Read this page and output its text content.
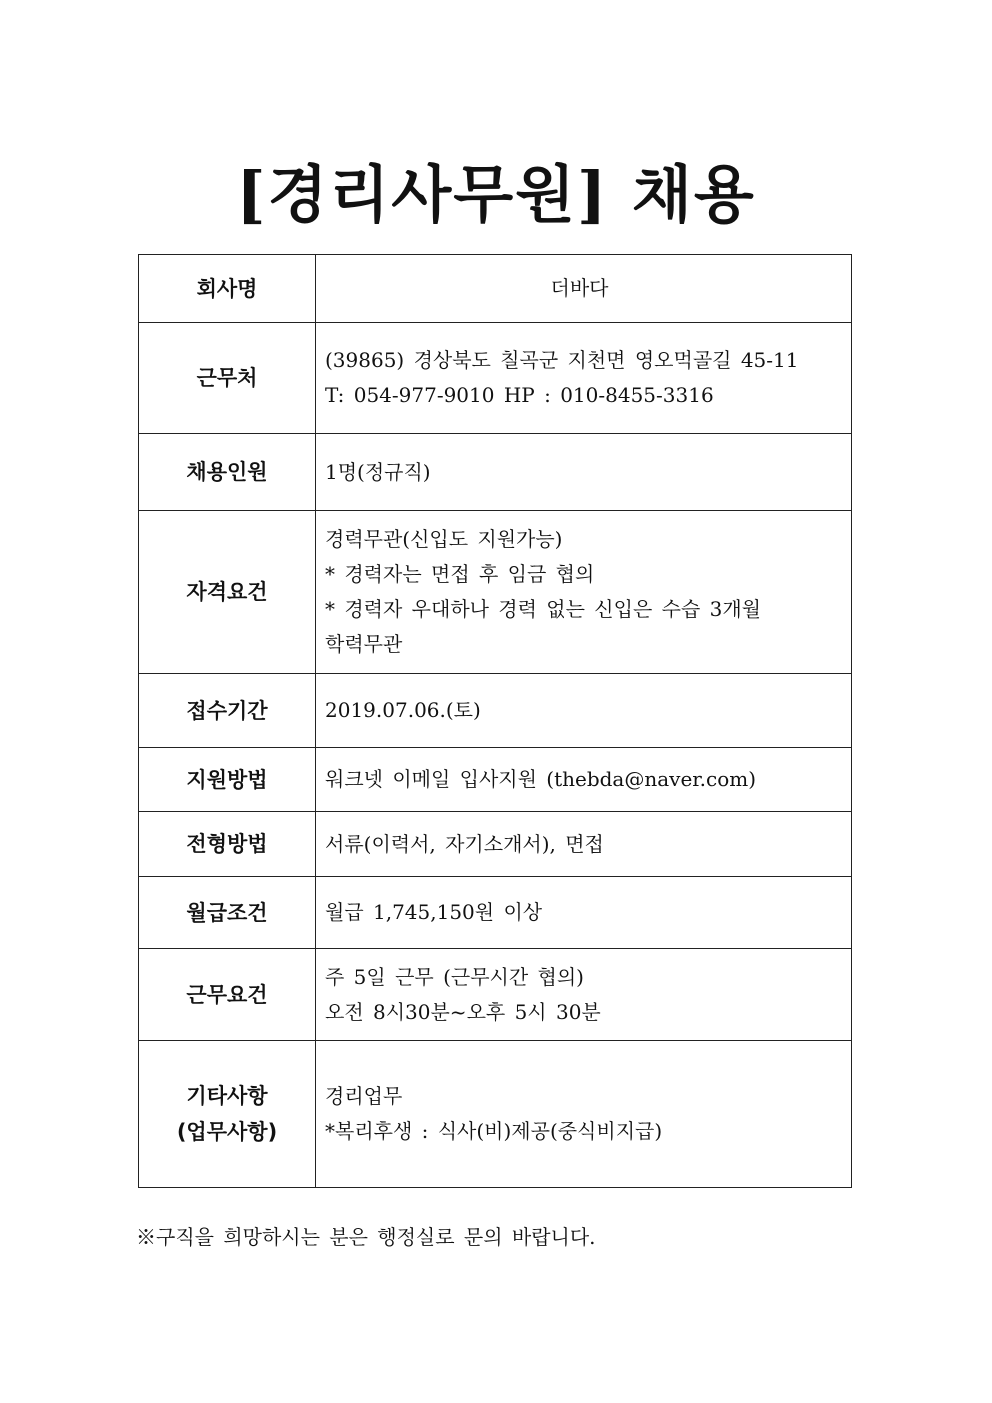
[경리사무원] 채용
회사명	더바다

근무처	(39865) 경상북도 칠곡군 지천면 영오먹골길 45-11
T: 054-977-9010 HP : 010-8455-3316

채용인원	1명(정규직)

자격요건	경력무관(신입도 지원가능)
* 경력자는 면접 후 임금 협의
* 경력자 우대하나 경력 없는 신입은 수습 3개월
학력무관

접수기간	2019.07.06.(토)

지원방법	워크넷 이메일 입사지원 (thebda@naver.com)

전형방법	서류(이력서, 자기소개서), 면접

월급조건	월급 1,745,150원 이상

근무요건	주 5일 근무 (근무시간 협의)
오전 8시30분~오후 5시 30분

기타사항
(업무사항)	경리업무
*복리후생 : 식사(비)제공(중식비지급)
※구직을 희망하시는 분은 행정실로 문의 바랍니다.
